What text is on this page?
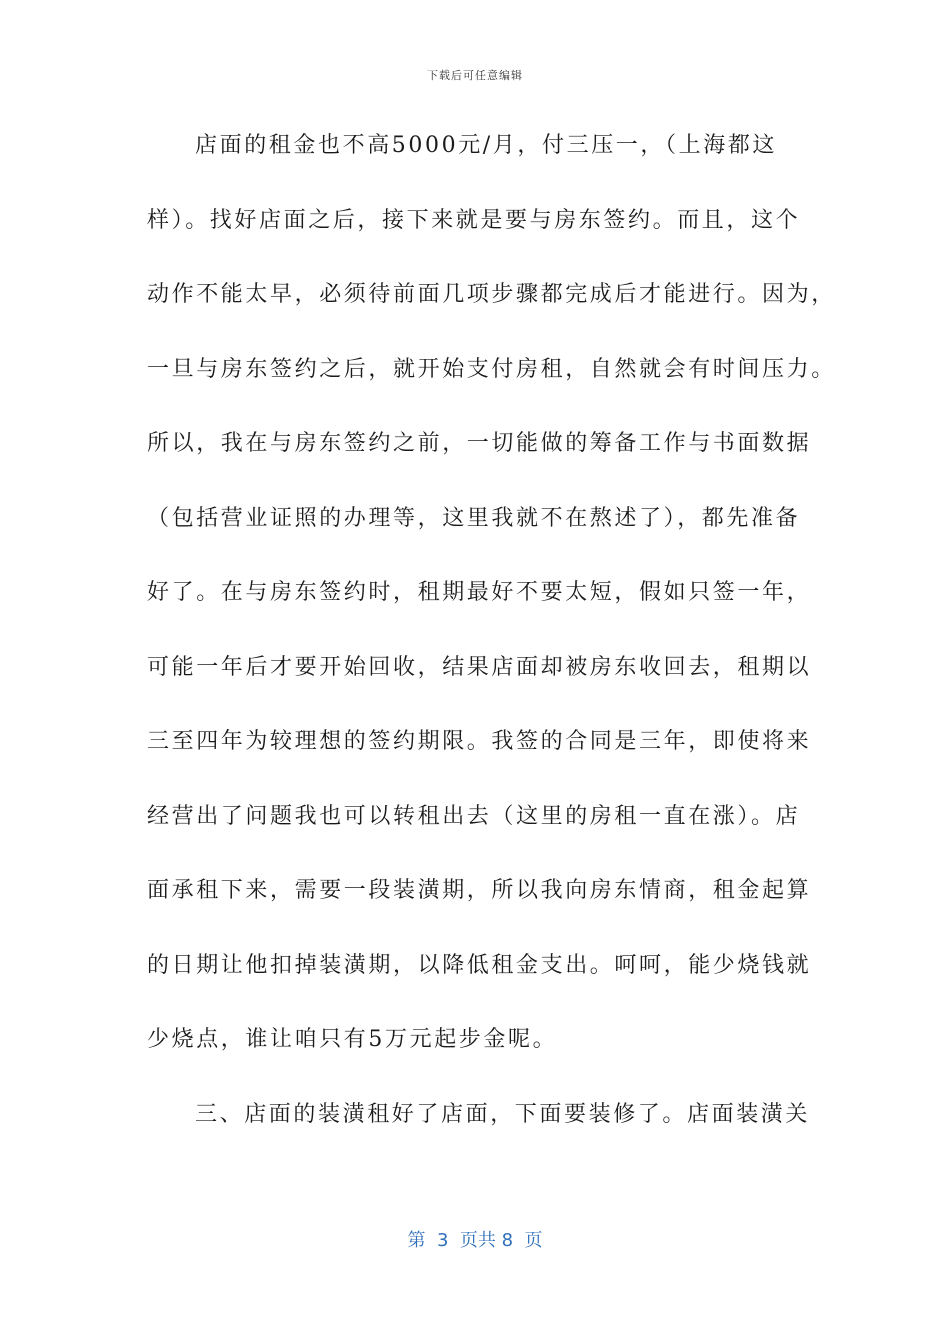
下载后可任意编辑
店面的租金也不高5000元/月，付三压一，（上海都这
样）。找好店面之后，接下来就是要与房东签约。而且，这个
动作不能太早，必须待前面几项步骤都完成后才能进行。因为，
一旦与房东签约之后，就开始支付房租，自然就会有时间压力。
所以，我在与房东签约之前，一切能做的筹备工作与书面数据
（包括营业证照的办理等，这里我就不在熬述了），都先准备
好了。在与房东签约时，租期最好不要太短，假如只签一年，
可能一年后才要开始回收，结果店面却被房东收回去，租期以
三至四年为较理想的签约期限。我签的合同是三年，即使将来
经营出了问题我也可以转租出去（这里的房租一直在涨）。店
面承租下来，需要一段装潢期，所以我向房东情商，租金起算
的日期让他扣掉装潢期，以降低租金支出。呵呵，能少烧钱就
少烧点，谁让咱只有5万元起步金呢。
三、店面的装潢租好了店面，下面要装修了。店面装潢关
第  3  页共 8  页
